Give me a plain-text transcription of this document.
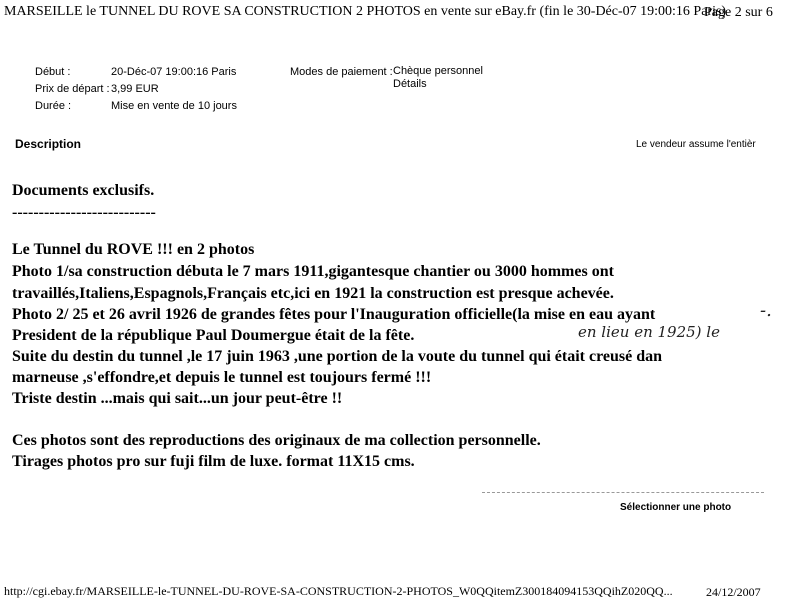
MARSEILLE le TUNNEL DU ROVE SA CONSTRUCTION 2 PHOTOS en vente sur eBay.fr (fin le 30-Déc-07 19:00:16 Paris)
Page 2 sur 6
Début :	20-Déc-07 19:00:16 Paris
Prix de départ : 3,99 EUR
Durée :	Mise en vente de 10 jours
Modes de paiement : Chèque personnel
Détails
Description	Le vendeur assume l'entièr
Documents exclusifs.
---------------------------
Le Tunnel du ROVE !!! en 2 photos
Photo 1/sa construction débuta le 7 mars 1911,gigantesque chantier ou 3000 hommes ont
travaillés,Italiens,Espagnols,Français etc,ici en 1921 la construction est presque achevée.
Photo 2/ 25 et 26 avril 1926 de grandes fêtes pour l'Inauguration officielle(la mise en eau ayant
President de la république Paul Doumergue était de la fête.
Suite du destin du tunnel ,le 17 juin 1963 ,une portion de la voute du tunnel qui était creusé dan
marneuse ,s'effondre,et depuis le tunnel est toujours fermé !!!
Triste destin ...mais qui sait...un jour peut-être !!
Ces photos sont des reproductions des originaux de ma collection personnelle.
Tirages photos pro sur fuji film de luxe. format 11X15 cms.
-.
en lieu en 1925) le
Sélectionner une photo
http://cgi.ebay.fr/MARSEILLE-le-TUNNEL-DU-ROVE-SA-CONSTRUCTION-2-PHOTOS_W0QQitemZ300184094153QQihZ020QQ...	24/12/2007
